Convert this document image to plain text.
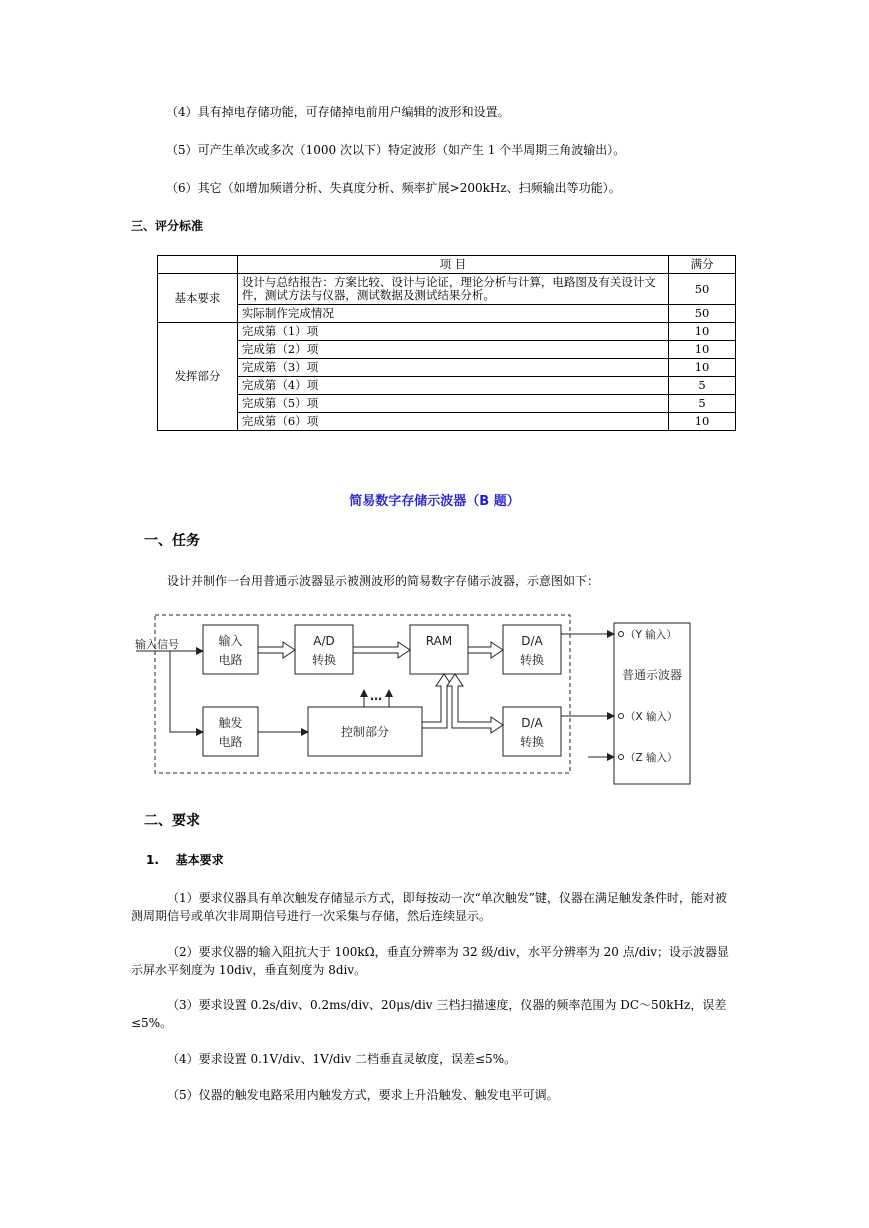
（4）具有掉电存储功能，可存储掉电前用户编辑的波形和设置。
（5）可产生单次或多次（1000 次以下）特定波形（如产生 1 个半周期三角波输出）。
（6）其它（如增加频谱分析、失真度分析、频率扩展>200kHz、扫频输出等功能）。
三、评分标准
	项 目	满分
基本要求	设计与总结报告：方案比较、设计与论证，理论分析与计算，电路图及有关设计文件，测试方法与仪器，测试数据及测试结果分析。	50
	实际制作完成情况	50
发挥部分	完成第（1）项	10
	完成第（2）项	10
	完成第（3）项	10
	完成第（4）项	5
	完成第（5）项	5
	完成第（6）项	10
简易数字存储示波器（B 题）
一、任务
设计并制作一台用普通示波器显示被测波形的简易数字存储示波器，示意图如下：
输入信号	输入
电路
A/D
转换
RAM	D/A
转换
触发
电路
控制部分
D/A
转换
…
普通示波器
（Y 输入）
（X 输入）
（Z 输入）
二、要求
1.    基本要求
（1）要求仪器具有单次触发存储显示方式，即每按动一次“单次触发”键，仪器在满足触发条件时，能对被测周期信号或单次非周期信号进行一次采集与存储，然后连续显示。
（2）要求仪器的输入阻抗大于 100kΩ，垂直分辨率为 32 级/div，水平分辨率为 20 点/div；设示波器显示屏水平刻度为 10div，垂直刻度为 8div。
（3）要求设置 0.2s/div、0.2ms/div、20μs/div 三档扫描速度，仪器的频率范围为 DC～50kHz，误差≤5%。
（4）要求设置 0.1V/div、1V/div 二档垂直灵敏度，误差≤5%。
（5）仪器的触发电路采用内触发方式，要求上升沿触发、触发电平可调。
